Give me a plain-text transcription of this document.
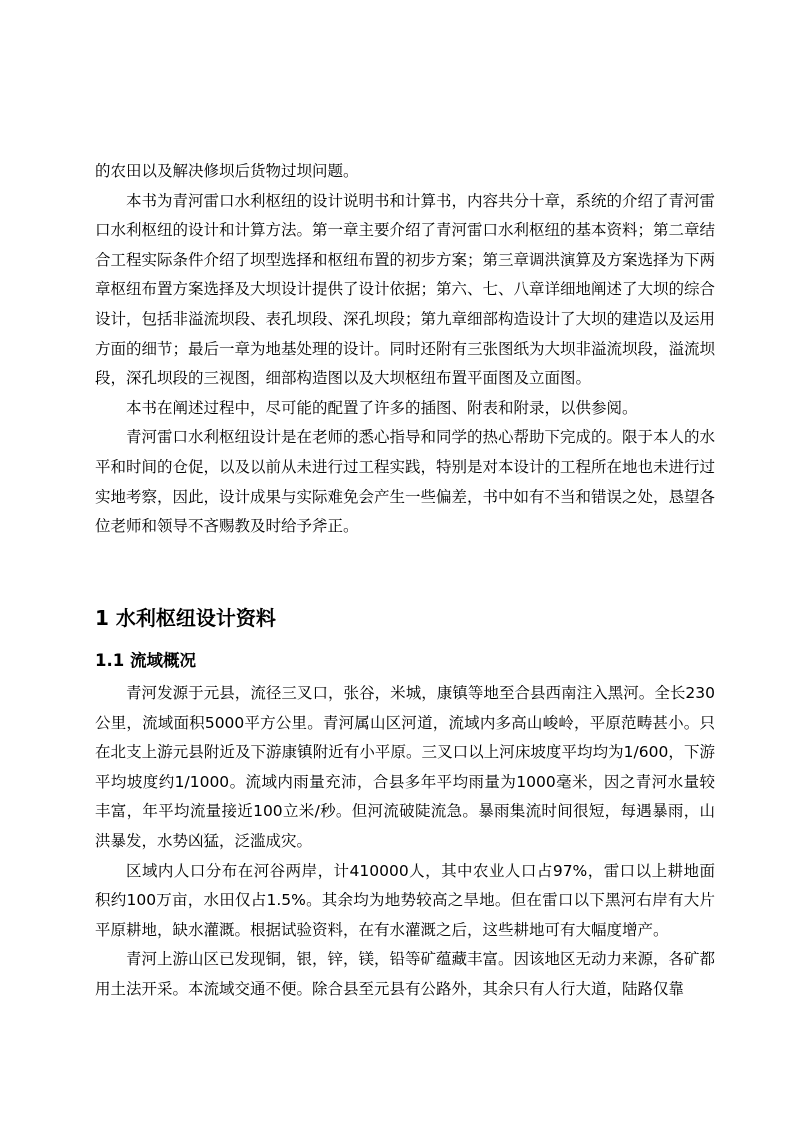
的农田以及解决修坝后货物过坝问题。

本书为青河雷口水利枢纽的设计说明书和计算书，内容共分十章，系统的介绍了青河雷口水利枢纽的设计和计算方法。第一章主要介绍了青河雷口水利枢纽的基本资料；第二章结合工程实际条件介绍了坝型选择和枢纽布置的初步方案；第三章调洪演算及方案选择为下两章枢纽布置方案选择及大坝设计提供了设计依据；第六、七、八章详细地阐述了大坝的综合设计，包括非溢流坝段、表孔坝段、深孔坝段；第九章细部构造设计了大坝的建造以及运用方面的细节；最后一章为地基处理的设计。同时还附有三张图纸为大坝非溢流坝段，溢流坝段，深孔坝段的三视图，细部构造图以及大坝枢纽布置平面图及立面图。

本书在阐述过程中，尽可能的配置了许多的插图、附表和附录，以供参阅。

青河雷口水利枢纽设计是在老师的悉心指导和同学的热心帮助下完成的。限于本人的水平和时间的仓促，以及以前从未进行过工程实践，特别是对本设计的工程所在地也未进行过实地考察，因此，设计成果与实际难免会产生一些偏差，书中如有不当和错误之处，恳望各位老师和领导不吝赐教及时给予斧正。

1 水利枢纽设计资料
1.1 流域概况

青河发源于元县，流径三叉口，张谷，米城，康镇等地至合县西南注入黑河。全长230公里，流域面积5000平方公里。青河属山区河道，流域内多高山峻岭，平原范畴甚小。只在北支上游元县附近及下游康镇附近有小平原。三叉口以上河床坡度平均均为1/600，下游平均坡度约1/1000。流域内雨量充沛，合县多年平均雨量为1000毫米，因之青河水量较丰富，年平均流量接近100立米/秒。但河流破陡流急。暴雨集流时间很短，每遇暴雨，山洪暴发，水势凶猛，泛滥成灾。

区域内人口分布在河谷两岸，计410000人，其中农业人口占97%，雷口以上耕地面积约100万亩，水田仅占1.5%。其余均为地势较高之旱地。但在雷口以下黑河右岸有大片平原耕地，缺水灌溉。根据试验资料，在有水灌溉之后，这些耕地可有大幅度增产。

青河上游山区已发现铜，银，锌，镁，铅等矿蕴藏丰富。因该地区无动力来源，各矿都用土法开采。本流域交通不便。除合县至元县有公路外，其余只有人行大道，陆路仅靠
